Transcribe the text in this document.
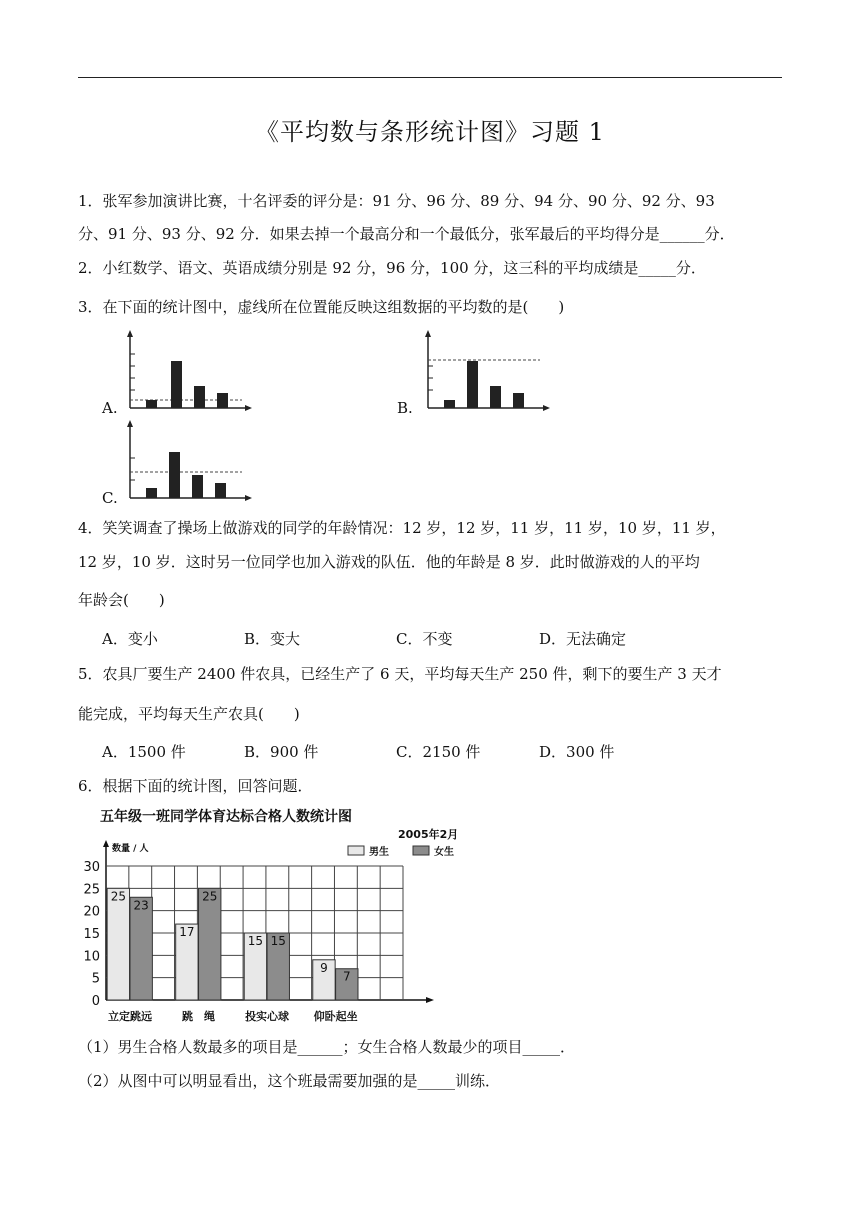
《平均数与条形统计图》习题 1
1．张军参加演讲比赛，十名评委的评分是：91 分、96 分、89 分、94 分、90 分、92 分、93
分、91 分、93 分、92 分．如果去掉一个最高分和一个最低分，张军最后的平均得分是______分．
2．小红数学、语文、英语成绩分别是 92 分，96 分，100 分，这三科的平均成绩是_____分．
3．在下面的统计图中，虚线所在位置能反映这组数据的平均数的是(　　)
A.	B.
C.
4．笑笑调查了操场上做游戏的同学的年龄情况：12 岁，12 岁，11 岁，11 岁，10 岁，11 岁，
12 岁，10 岁．这时另一位同学也加入游戏的队伍．他的年龄是 8 岁．此时做游戏的人的平均
年龄会(　　)
A．变小	B．变大	C．不变	D．无法确定
5．农具厂要生产 2400 件农具，已经生产了 6 天，平均每天生产 250 件，剩下的要生产 3 天才
能完成，平均每天生产农具(　　)
A．1500 件	B．900 件	C．2150 件	D．300 件
6．根据下面的统计图，回答问题．
五年级一班同学体育达标合格人数统计图
2005年2月
数量 / 人	男生	女生
0
5
10
15
20
25
30
25
23
17
25
15 15
9
7
立定跳远	跳　绳	投实心球 仰卧起坐
（1）男生合格人数最多的项目是______；女生合格人数最少的项目_____．
（2）从图中可以明显看出，这个班最需要加强的是_____训练．
